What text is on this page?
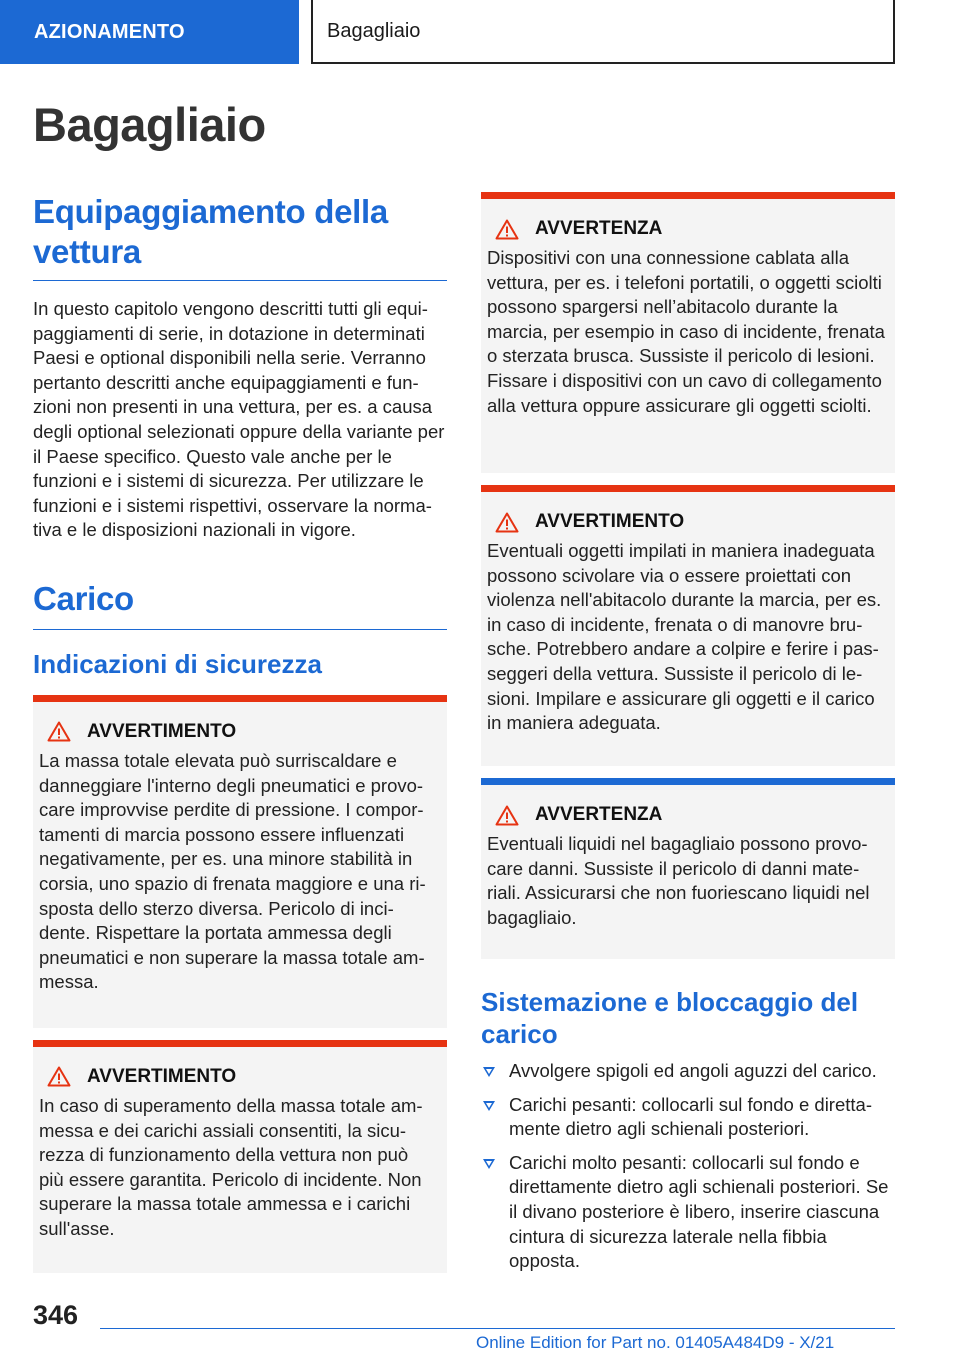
AZIONAMENTO	Bagagliaio
Bagagliaio
Equipaggiamento della vettura

In questo capitolo vengono descritti tutti gli equipaggiamenti di serie, in dotazione in determinati Paesi e optional disponibili nella serie. Verranno pertanto descritti anche equipaggiamenti e funzioni non presenti in una vettura, per es. a causa degli optional selezionati oppure della variante per il Paese specifico. Questo vale anche per le funzioni e i sistemi di sicurezza. Per utilizzare le funzioni e i sistemi rispettivi, osservare la normativa e le disposizioni nazionali in vigore.

Carico
Indicazioni di sicurezza
AVVERTIMENTO

La massa totale elevata può surriscaldare e danneggiare l'interno degli pneumatici e provocare improvvise perdite di pressione. I comportamenti di marcia possono essere influenzati negativamente, per es. una minore stabilità in corsia, uno spazio di frenata maggiore e una risposta dello sterzo diversa. Pericolo di incidente. Rispettare la portata ammessa degli pneumatici e non superare la massa totale ammessa.

AVVERTIMENTO

In caso di superamento della massa totale ammessa e dei carichi assiali consentiti, la sicurezza di funzionamento della vettura non può più essere garantita. Pericolo di incidente. Non superare la massa totale ammessa e i carichi sull'asse.

AVVERTENZA

Dispositivi con una connessione cablata alla vettura, per es. i telefoni portatili, o oggetti sciolti possono spargersi nell’abitacolo durante la marcia, per esempio in caso di incidente, frenata o sterzata brusca. Sussiste il pericolo di lesioni. Fissare i dispositivi con un cavo di collegamento alla vettura oppure assicurare gli oggetti sciolti.

AVVERTIMENTO

Eventuali oggetti impilati in maniera inadeguata possono scivolare via o essere proiettati con violenza nell'abitacolo durante la marcia, per es. in caso di incidente, frenata o di manovre brusche. Potrebbero andare a colpire e ferire i passeggeri della vettura. Sussiste il pericolo di lesioni. Impilare e assicurare gli oggetti e il carico in maniera adeguata.

AVVERTENZA

Eventuali liquidi nel bagagliaio possono provocare danni. Sussiste il pericolo di danni materiali. Assicurarsi che non fuoriescano liquidi nel bagagliaio.

Sistemazione e bloccaggio del carico
Avvolgere spigoli ed angoli aguzzi del carico.
Carichi pesanti: collocarli sul fondo e direttamente dietro agli schienali posteriori.
Carichi molto pesanti: collocarli sul fondo e direttamente dietro agli schienali posteriori. Se il divano posteriore è libero, inserire ciascuna cintura di sicurezza laterale nella fibbia opposta.
346
Online Edition for Part no. 01405A484D9 - X/21
